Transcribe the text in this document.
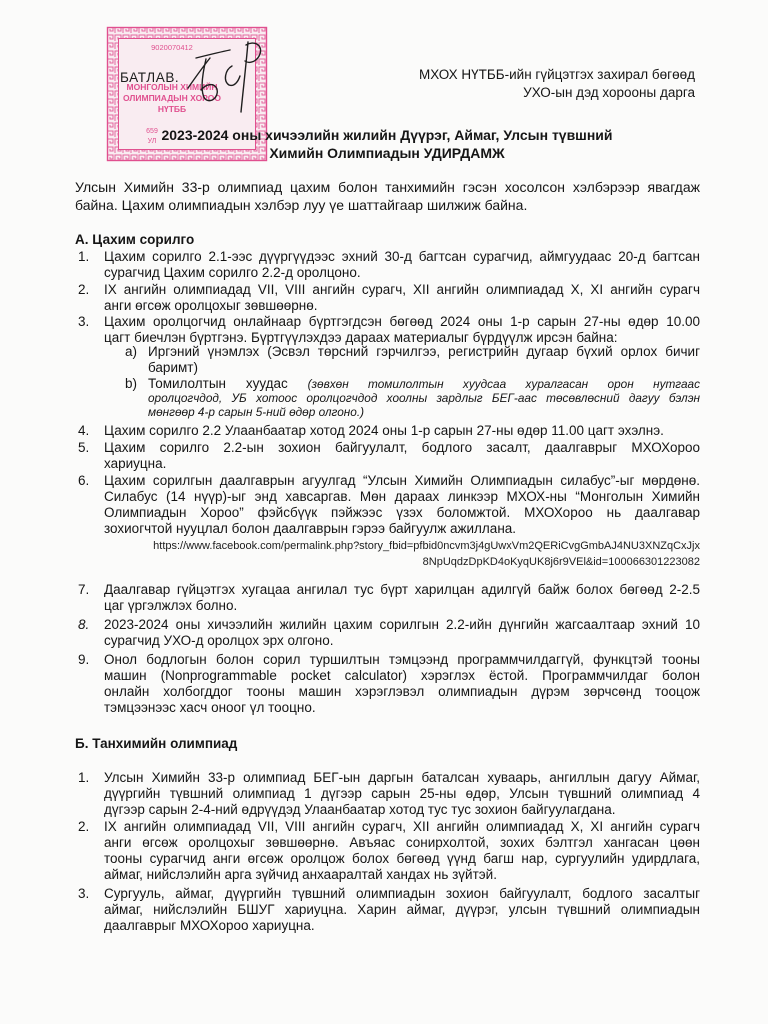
9020070412
МОНГОЛЫН ХИМИЙН
ОЛИМПИАДЫН ХОРОО
НҮТББ
659
УЛ
БАТЛАВ.	МХОХ НҮТББ-ийн гүйцэтгэх захирал бөгөөд
УХО-ын дэд хорооны дарга
2023-2024 оны хичээлийн жилийн Дүүрэг, Аймаг, Улсын түвшний
Химийн Олимпиадын УДИРДАМЖ
Улсын Химийн 33-р олимпиад цахим болон танхимийн гэсэн хосолсон хэлбэрээр явагдаж
байна. Цахим олимпиадын хэлбэр луу үе шаттайгаар шилжиж байна.
А. Цахим сорилго
1. Цахим сорилго 2.1-ээс дүүргүүдээс эхний 30-д багтсан сурагчид, аймгуудаас 20-д багтсан
сурагчид Цахим сорилго 2.2-д оролцоно.
2. IX ангийн олимпиадад VII, VIII ангийн сурагч, XII ангийн олимпиадад X, XI ангийн сурагч
анги өгсөж оролцохыг зөвшөөрнө.
3. Цахим оролцогчид онлайнаар бүртгэгдсэн бөгөөд 2024 оны 1-р сарын 27-ны өдөр 10.00
цагт биечлэн бүртгэнэ. Бүртгүүлэхдээ дараах материалыг бүрдүүлж ирсэн байна:
a) Иргэний үнэмлэх (Эсвэл төрсний гэрчилгээ, регистрийн дугаар бүхий орлох бичиг
баримт)
b) Томилолтын хуудас (зөвхөн томилолтын хуудсаа хуралгасан орон нутгаас
оролцогчдод, УБ хотоос оролцогчдод хоолны зардлыг БЕГ-аас төсөвлөсний дагуу бэлэн
мөнгөөр 4-р сарын 5-ний өдөр олгоно.)
4. Цахим сорилго 2.2 Улаанбаатар хотод 2024 оны 1-р сарын 27-ны өдөр 11.00 цагт эхэлнэ.
5. Цахим сорилго 2.2-ын зохион байгуулалт, бодлого засалт, даалгаврыг МХОХороо
хариуцна.
6. Цахим сорилгын даалгаврын агуулгад “Улсын Химийн Олимпиадын силабус”-ыг мөрдөнө.
Силабус (14 нүүр)-ыг энд хавсаргав. Мөн дараах линкээр МХОХ-ны “Монголын Химийн
Олимпиадын Хороо” фэйсбүүк пэйжээс үзэх боломжтой. МХОХороо нь даалгавар
зохиогчтой нууцлал болон даалгаврын гэрээ байгуулж ажиллана.
https://www.facebook.com/permalink.php?story_fbid=pfbid0ncvm3j4gUwxVm2QERiCvgGmbAJ4NU3XNZqCxJjx
8NpUqdzDpKD4oKyqUK8j6r9VEl&id=100066301223082
7. Даалгавар гүйцэтгэх хугацаа ангилал тус бүрт харилцан адилгүй байж болох бөгөөд 2-2.5
цаг үргэлжлэх болно.
8. 2023-2024 оны хичээлийн жилийн цахим сорилгын 2.2-ийн дүнгийн жагсаалтаар эхний 10
сурагчид УХО-д оролцох эрх олгоно.
9. Онол бодлогын болон сорил туршилтын тэмцээнд программчилдаггүй, функцтэй тооны
машин (Nonprogrammable pocket calculator) хэрэглэх ёстой. Программчилдаг болон
онлайн холбогддог тооны машин хэрэглэвэл олимпиадын дүрэм зөрчсөнд тооцож
тэмцээнээс хасч оноог үл тооцно.
Б. Танхимийн олимпиад
1. Улсын Химийн 33-р олимпиад БЕГ-ын даргын баталсан хуваарь, ангиллын дагуу Аймаг,
дүүргийн түвшний олимпиад 1 дүгээр сарын 25-ны өдөр, Улсын түвшний олимпиад 4
дүгээр сарын 2-4-ний өдрүүдэд Улаанбаатар хотод тус тус зохион байгуулагдана.
2. IX ангийн олимпиадад VII, VIII ангийн сурагч, XII ангийн олимпиадад X, XI ангийн сурагч
анги өгсөж оролцохыг зөвшөөрнө. Авъяас сонирхолтой, зохих бэлтгэл хангасан цөөн
тооны сурагчид анги өгсөж оролцож болох бөгөөд үүнд багш нар, сургуулийн удирдлага,
аймаг, нийслэлийн арга зүйчид анхааралтай хандах нь зүйтэй.
3. Сургууль, аймаг, дүүргийн түвшний олимпиадын зохион байгуулалт, бодлого засалтыг
аймаг, нийслэлийн БШУГ хариуцна. Харин аймаг, дүүрэг, улсын түвшний олимпиадын
даалгаврыг МХОХороо хариуцна.
